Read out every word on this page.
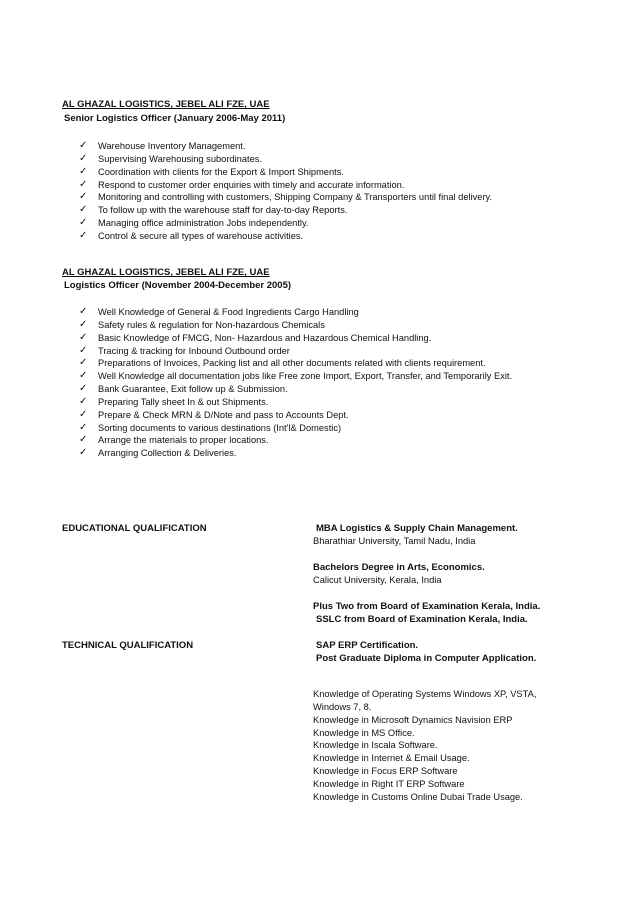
AL GHAZAL LOGISTICS, JEBEL ALI FZE, UAE
Senior Logistics Officer (January 2006-May 2011)
✓ Warehouse Inventory Management.
✓ Supervising Warehousing subordinates.
✓ Coordination with clients for the Export & Import Shipments.
✓ Respond to customer order enquiries with timely and accurate information.
✓ Monitoring and controlling with customers, Shipping Company & Transporters until final delivery.
✓ To follow up with the warehouse staff for day-to-day Reports.
✓ Managing office administration Jobs independently.
✓ Control & secure all types of warehouse activities.
AL GHAZAL LOGISTICS, JEBEL ALI FZE, UAE
Logistics Officer (November 2004-December 2005)
✓ Well Knowledge of General & Food Ingredients Cargo Handling
✓ Safety rules & regulation for Non-hazardous Chemicals
✓ Basic Knowledge of FMCG, Non- Hazardous and Hazardous Chemical Handling.
✓ Tracing & tracking for Inbound Outbound order
✓ Preparations of Invoices, Packing list and all other documents related with clients requirement.
✓ Well Knowledge all documentation jobs like Free zone Import, Export, Transfer, and Temporarily Exit.
✓ Bank Guarantee, Exit follow up & Submission.
✓ Preparing Tally sheet In & out Shipments.
✓ Prepare & Check MRN & D/Note and pass to Accounts Dept.
✓ Sorting documents to various destinations (Int'l& Domestic)
✓ Arrange the materials to proper locations.
✓ Arranging Collection & Deliveries.
EDUCATIONAL QUALIFICATION	MBA Logistics & Supply Chain Management.
Bharathiar University, Tamil Nadu, India
Bachelors Degree in Arts, Economics.
Calicut University, Kerala, India
Plus Two from Board of Examination Kerala, India.
SSLC from Board of Examination Kerala, India.
TECHNICAL QUALIFICATION	SAP ERP Certification.
Post Graduate Diploma in Computer Application.
Knowledge of Operating Systems Windows XP, VSTA,
Windows 7, 8.
Knowledge in Microsoft Dynamics Navision ERP
Knowledge in MS Office.
Knowledge in Iscala Software.
Knowledge in Internet & Email Usage.
Knowledge in Focus ERP Software
Knowledge in Right IT ERP Software
Knowledge in Customs Online Dubai Trade Usage.
